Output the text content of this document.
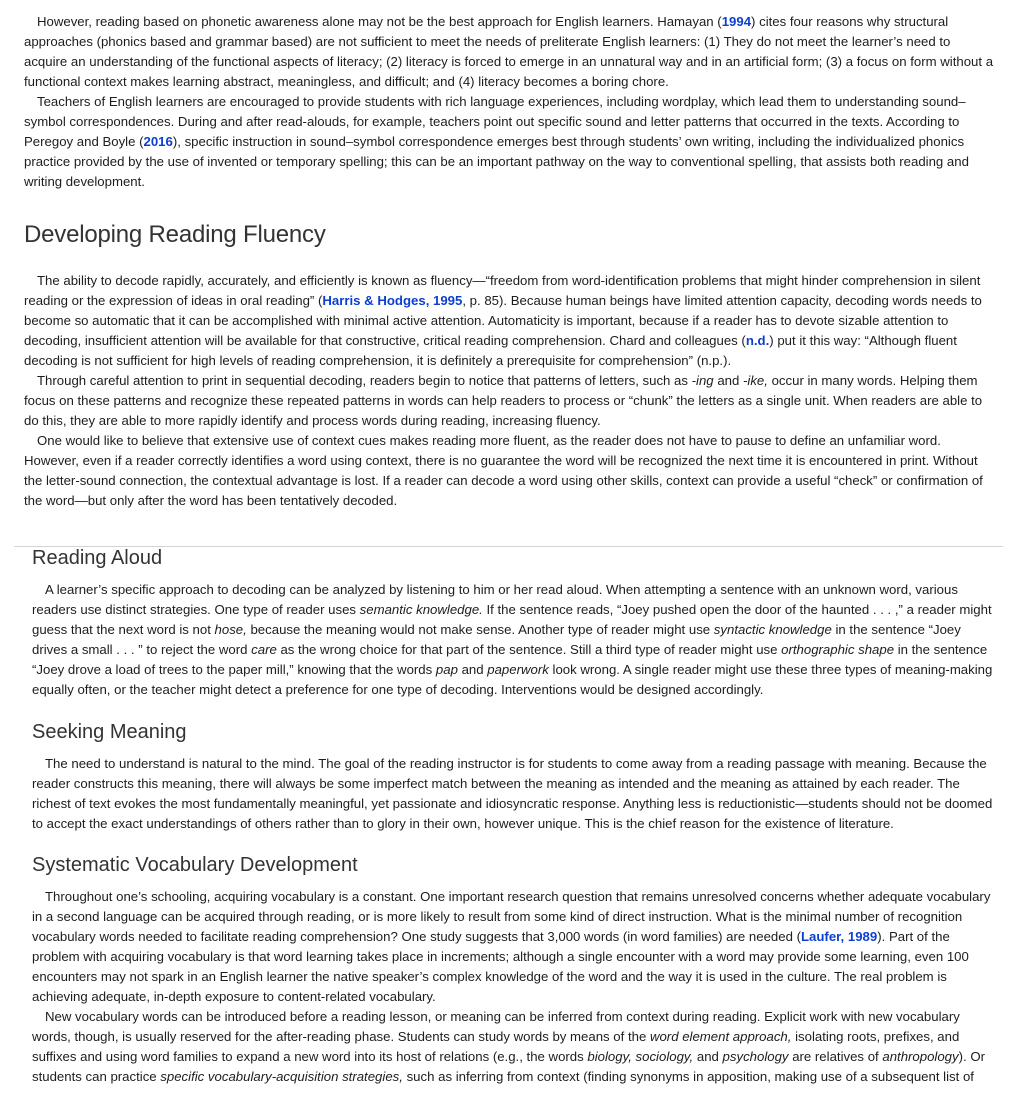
However, reading based on phonetic awareness alone may not be the best approach for English learners. Hamayan (1994) cites four reasons why structural approaches (phonics based and grammar based) are not sufficient to meet the needs of preliterate English learners: (1) They do not meet the learner’s need to acquire an understanding of the functional aspects of literacy; (2) literacy is forced to emerge in an unnatural way and in an artificial form; (3) a focus on form without a functional context makes learning abstract, meaningless, and difficult; and (4) literacy becomes a boring chore.

Teachers of English learners are encouraged to provide students with rich language experiences, including wordplay, which lead them to understanding sound–symbol correspondences. During and after read-alouds, for example, teachers point out specific sound and letter patterns that occurred in the texts. According to Peregoy and Boyle (2016), specific instruction in sound–symbol correspondence emerges best through students’ own writing, including the individualized phonics practice provided by the use of invented or temporary spelling; this can be an important pathway on the way to conventional spelling, that assists both reading and writing development.

Developing Reading Fluency

The ability to decode rapidly, accurately, and efficiently is known as fluency—“freedom from word-identification problems that might hinder comprehension in silent reading or the expression of ideas in oral reading” (Harris & Hodges, 1995, p. 85). Because human beings have limited attention capacity, decoding words needs to become so automatic that it can be accomplished with minimal active attention. Automaticity is important, because if a reader has to devote sizable attention to decoding, insufficient attention will be available for that constructive, critical reading comprehension. Chard and colleagues (n.d.) put it this way: “Although fluent decoding is not sufficient for high levels of reading comprehension, it is definitely a prerequisite for comprehension” (n.p.).

Through careful attention to print in sequential decoding, readers begin to notice that patterns of letters, such as -ing and -ike, occur in many words. Helping them focus on these patterns and recognize these repeated patterns in words can help readers to process or “chunk” the letters as a single unit. When readers are able to do this, they are able to more rapidly identify and process words during reading, increasing fluency.

One would like to believe that extensive use of context cues makes reading more fluent, as the reader does not have to pause to define an unfamiliar word. However, even if a reader correctly identifies a word using context, there is no guarantee the word will be recognized the next time it is encountered in print. Without the letter-sound connection, the contextual advantage is lost. If a reader can decode a word using other skills, context can provide a useful “check” or confirmation of the word—but only after the word has been tentatively decoded.

Reading Aloud

A learner’s specific approach to decoding can be analyzed by listening to him or her read aloud. When attempting a sentence with an unknown word, various readers use distinct strategies. One type of reader uses semantic knowledge. If the sentence reads, “Joey pushed open the door of the haunted . . . ,” a reader might guess that the next word is not hose, because the meaning would not make sense. Another type of reader might use syntactic knowledge in the sentence “Joey drives a small . . . ” to reject the word care as the wrong choice for that part of the sentence. Still a third type of reader might use orthographic shape in the sentence “Joey drove a load of trees to the paper mill,” knowing that the words pap and paperwork look wrong. A single reader might use these three types of meaning-making equally often, or the teacher might detect a preference for one type of decoding. Interventions would be designed accordingly.

Seeking Meaning

The need to understand is natural to the mind. The goal of the reading instructor is for students to come away from a reading passage with meaning. Because the reader constructs this meaning, there will always be some imperfect match between the meaning as intended and the meaning as attained by each reader. The richest of text evokes the most fundamentally meaningful, yet passionate and idiosyncratic response. Anything less is reductionistic—students should not be doomed to accept the exact understandings of others rather than to glory in their own, however unique. This is the chief reason for the existence of literature.

Systematic Vocabulary Development

Throughout one’s schooling, acquiring vocabulary is a constant. One important research question that remains unresolved concerns whether adequate vocabulary in a second language can be acquired through reading, or is more likely to result from some kind of direct instruction. What is the minimal number of recognition vocabulary words needed to facilitate reading comprehension? One study suggests that 3,000 words (in word families) are needed (Laufer, 1989). Part of the problem with acquiring vocabulary is that word learning takes place in increments; although a single encounter with a word may provide some learning, even 100 encounters may not spark in an English learner the native speaker’s complex knowledge of the word and the way it is used in the culture. The real problem is achieving adequate, in-depth exposure to content-related vocabulary.

New vocabulary words can be introduced before a reading lesson, or meaning can be inferred from context during reading. Explicit work with new vocabulary words, though, is usually reserved for the after-reading phase. Students can study words by means of the word element approach, isolating roots, prefixes, and suffixes and using word families to expand a new word into its host of relations (e.g., the words biology, sociology, and psychology are relatives of anthropology). Or students can practice specific vocabulary-acquisition strategies, such as inferring from context (finding synonyms in apposition, making use of a subsequent list of
